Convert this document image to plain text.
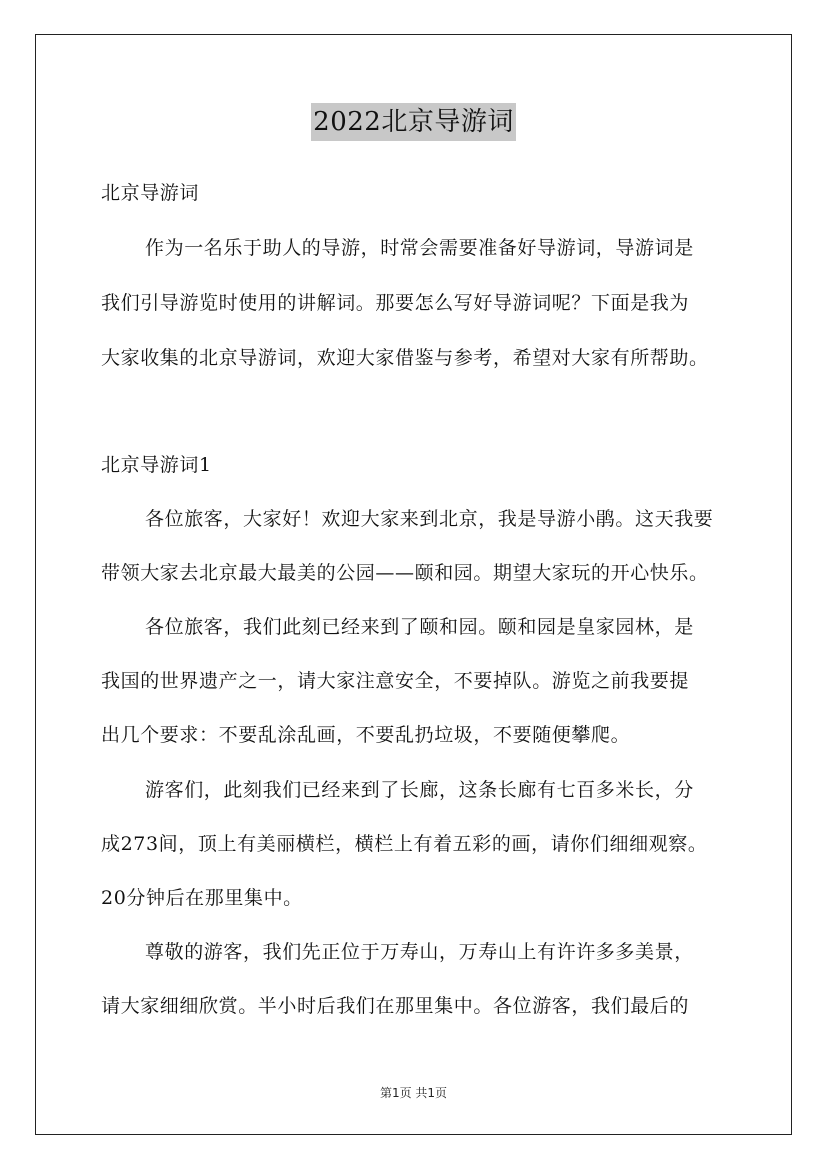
2022北京导游词
北京导游词
作为一名乐于助人的导游，时常会需要准备好导游词，导游词是
我们引导游览时使用的讲解词。那要怎么写好导游词呢？下面是我为
大家收集的北京导游词，欢迎大家借鉴与参考，希望对大家有所帮助。
北京导游词1
各位旅客，大家好！欢迎大家来到北京，我是导游小鹃。这天我要
带领大家去北京最大最美的公园——颐和园。期望大家玩的开心快乐。
各位旅客，我们此刻已经来到了颐和园。颐和园是皇家园林，是
我国的世界遗产之一，请大家注意安全，不要掉队。游览之前我要提
出几个要求：不要乱涂乱画，不要乱扔垃圾，不要随便攀爬。
游客们，此刻我们已经来到了长廊，这条长廊有七百多米长，分
成273间，顶上有美丽横栏，横栏上有着五彩的画，请你们细细观察。
20分钟后在那里集中。
尊敬的游客，我们先正位于万寿山，万寿山上有许许多多美景，
请大家细细欣赏。半小时后我们在那里集中。各位游客，我们最后的
第1页 共1页
